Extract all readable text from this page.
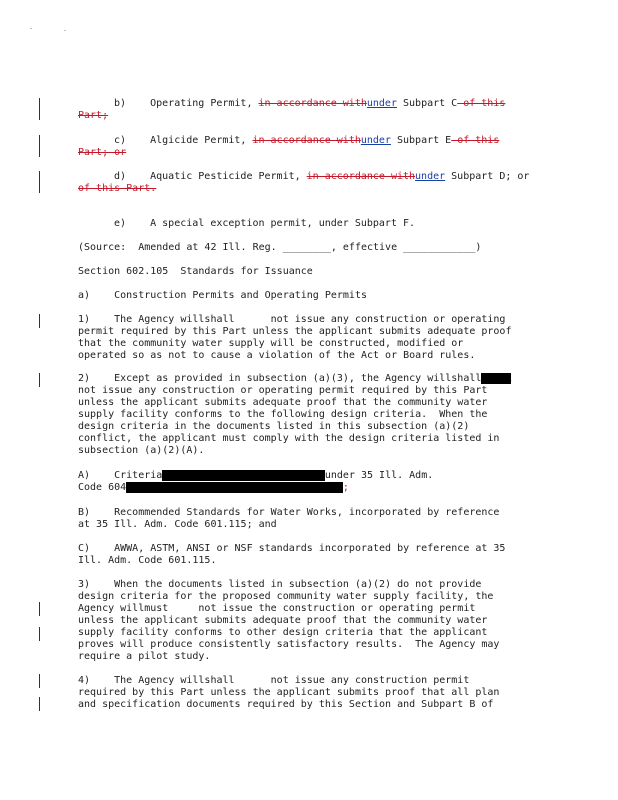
b)    Operating Permit, in accordance withunder Subpart C of this
Part;
c)    Algicide Permit, in accordance withunder Subpart E of this
Part; or
d)    Aquatic Pesticide Permit, in accordance withunder Subpart D; or
of this Part.
e)    A special exception permit, under Subpart F.
(Source:  Amended at 42 Ill. Reg. ________, effective ____________)
Section 602.105  Standards for Issuance
a)    Construction Permits and Operating Permits
1)    The Agency willshall      not issue any construction or operating
permit required by this Part unless the applicant submits adequate proof
that the community water supply will be constructed, modified or
operated so as not to cause a violation of the Act or Board rules.
2)    Except as provided in subsection (a)(3), the Agency willshallXXXXX
not issue any construction or operating permit required by this Part
unless the applicant submits adequate proof that the community water
supply facility conforms to the following design criteria.  When the
design criteria in the documents listed in this subsection (a)(2)
conflict, the applicant must comply with the design criteria listed in
subsection (a)(2)(A).
A)    CriteriaXXXXXXXXXXXXXXXXXXXXXXXXXXXunder 35 Ill. Adm.
Code 604XXXXXXXXXXXXXXXXXXXXXXXXXXXXXXXXXXXX;
B)    Recommended Standards for Water Works, incorporated by reference
at 35 Ill. Adm. Code 601.115; and
C)    AWWA, ASTM, ANSI or NSF standards incorporated by reference at 35
Ill. Adm. Code 601.115.
3)    When the documents listed in subsection (a)(2) do not provide
design criteria for the proposed community water supply facility, the
Agency willmust     not issue the construction or operating permit
unless the applicant submits adequate proof that the community water
supply facility conforms to other design criteria that the applicant
proves will produce consistently satisfactory results.  The Agency may
require a pilot study.
4)    The Agency willshall      not issue any construction permit
required by this Part unless the applicant submits proof that all plan
and specification documents required by this Section and Subpart B of
